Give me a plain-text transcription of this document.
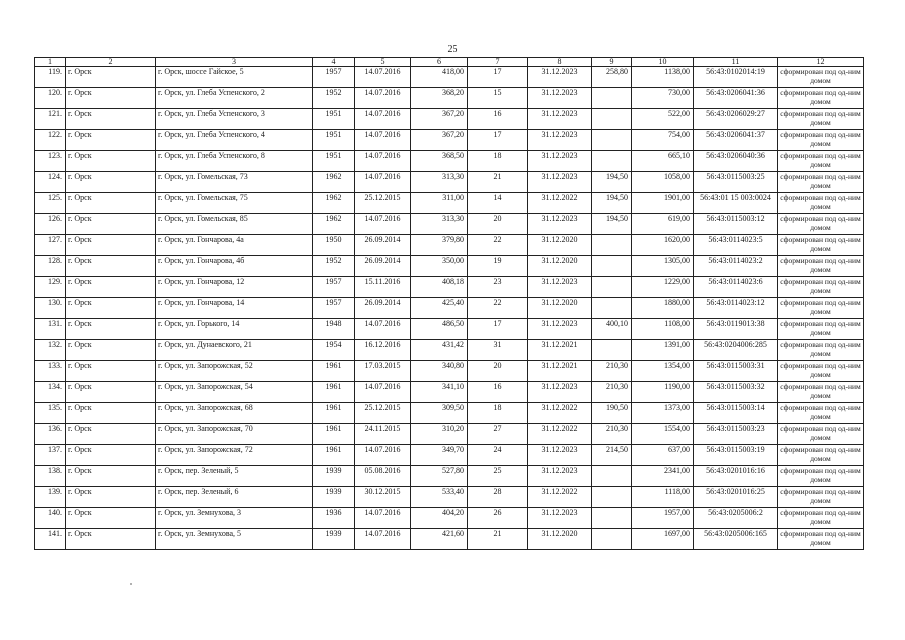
25
1	2	3	4	5	6	7	8	9	10	11	12
119.	г. Орск	г. Орск, шоссе Гайское, 5	1957	14.07.2016	418,00	17	31.12.2023	258,80	1138,00	56:43:0102014:19	сформирован под од-ним домом
120.	г. Орск	г. Орск, ул. Глеба Успенского, 2	1952	14.07.2016	368,20	15	31.12.2023		730,00	56:43:0206041:36	сформирован под од-ним домом
121.	г. Орск	г. Орск, ул. Глеба Успенского, 3	1951	14.07.2016	367,20	16	31.12.2023		522,00	56:43:0206029:27	сформирован под од-ним домом
122.	г. Орск	г. Орск, ул. Глеба Успенского, 4	1951	14.07.2016	367,20	17	31.12.2023		754,00	56:43:0206041:37	сформирован под од-ним домом
123.	г. Орск	г. Орск, ул. Глеба Успенского, 8	1951	14.07.2016	368,50	18	31.12.2023		665,10	56:43:0206040:36	сформирован под од-ним домом
124.	г. Орск	г. Орск, ул. Гомельская, 73	1962	14.07.2016	313,30	21	31.12.2023	194,50	1058,00	56:43:0115003:25	сформирован под од-ним домом
125.	г. Орск	г. Орск, ул. Гомельская, 75	1962	25.12.2015	311,00	14	31.12.2022	194,50	1901,00	56:43:01 15 003:0024	сформирован под од-ним домом
126.	г. Орск	г. Орск, ул. Гомельская, 85	1962	14.07.2016	313,30	20	31.12.2023	194,50	619,00	56:43:0115003:12	сформирован под од-ним домом
127.	г. Орск	г. Орск, ул. Гончарова, 4а	1950	26.09.2014	379,80	22	31.12.2020		1620,00	56:43:0114023:5	сформирован под од-ним домом
128.	г. Орск	г. Орск, ул. Гончарова, 4б	1952	26.09.2014	350,00	19	31.12.2020		1305,00	56:43:0114023:2	сформирован под од-ним домом
129.	г. Орск	г. Орск, ул. Гончарова, 12	1957	15.11.2016	408,18	23	31.12.2023		1229,00	56:43:0114023:6	сформирован под од-ним домом
130.	г. Орск	г. Орск, ул. Гончарова, 14	1957	26.09.2014	425,40	22	31.12.2020		1880,00	56:43:0114023:12	сформирован под од-ним домом
131.	г. Орск	г. Орск, ул. Горького, 14	1948	14.07.2016	486,50	17	31.12.2023	400,10	1108,00	56:43:0119013:38	сформирован под од-ним домом
132.	г. Орск	г. Орск, ул. Дунаевского, 21	1954	16.12.2016	431,42	31	31.12.2021		1391,00	56:43:0204006:285	сформирован под од-ним домом
133.	г. Орск	г. Орск, ул. Запорожская, 52	1961	17.03.2015	340,80	20	31.12.2021	210,30	1354,00	56:43:0115003:31	сформирован под од-ним домом
134.	г. Орск	г. Орск, ул. Запорожская, 54	1961	14.07.2016	341,10	16	31.12.2023	210,30	1190,00	56:43:0115003:32	сформирован под од-ним домом
135.	г. Орск	г. Орск, ул. Запорожская, 68	1961	25.12.2015	309,50	18	31.12.2022	190,50	1373,00	56:43:0115003:14	сформирован под од-ним домом
136.	г. Орск	г. Орск, ул. Запорожская, 70	1961	24.11.2015	310,20	27	31.12.2022	210,30	1554,00	56:43:0115003:23	сформирован под од-ним домом
137.	г. Орск	г. Орск, ул. Запорожская, 72	1961	14.07.2016	349,70	24	31.12.2023	214,50	637,00	56:43:0115003:19	сформирован под од-ним домом
138.	г. Орск	г. Орск, пер. Зеленый, 5	1939	05.08.2016	527,80	25	31.12.2023		2341,00	56:43:0201016:16	сформирован под од-ним домом
139.	г. Орск	г. Орск, пер. Зеленый, 6	1939	30.12.2015	533,40	28	31.12.2022		1118,00	56:43:0201016:25	сформирован под од-ним домом
140.	г. Орск	г. Орск, ул. Земнухова, 3	1936	14.07.2016	404,20	26	31.12.2023		1957,00	56:43:0205006:2	сформирован под од-ним домом
141.	г. Орск	г. Орск, ул. Земнухова, 5	1939	14.07.2016	421,60	21	31.12.2020		1697,00	56:43:0205006:165	сформирован под од-ним домом
